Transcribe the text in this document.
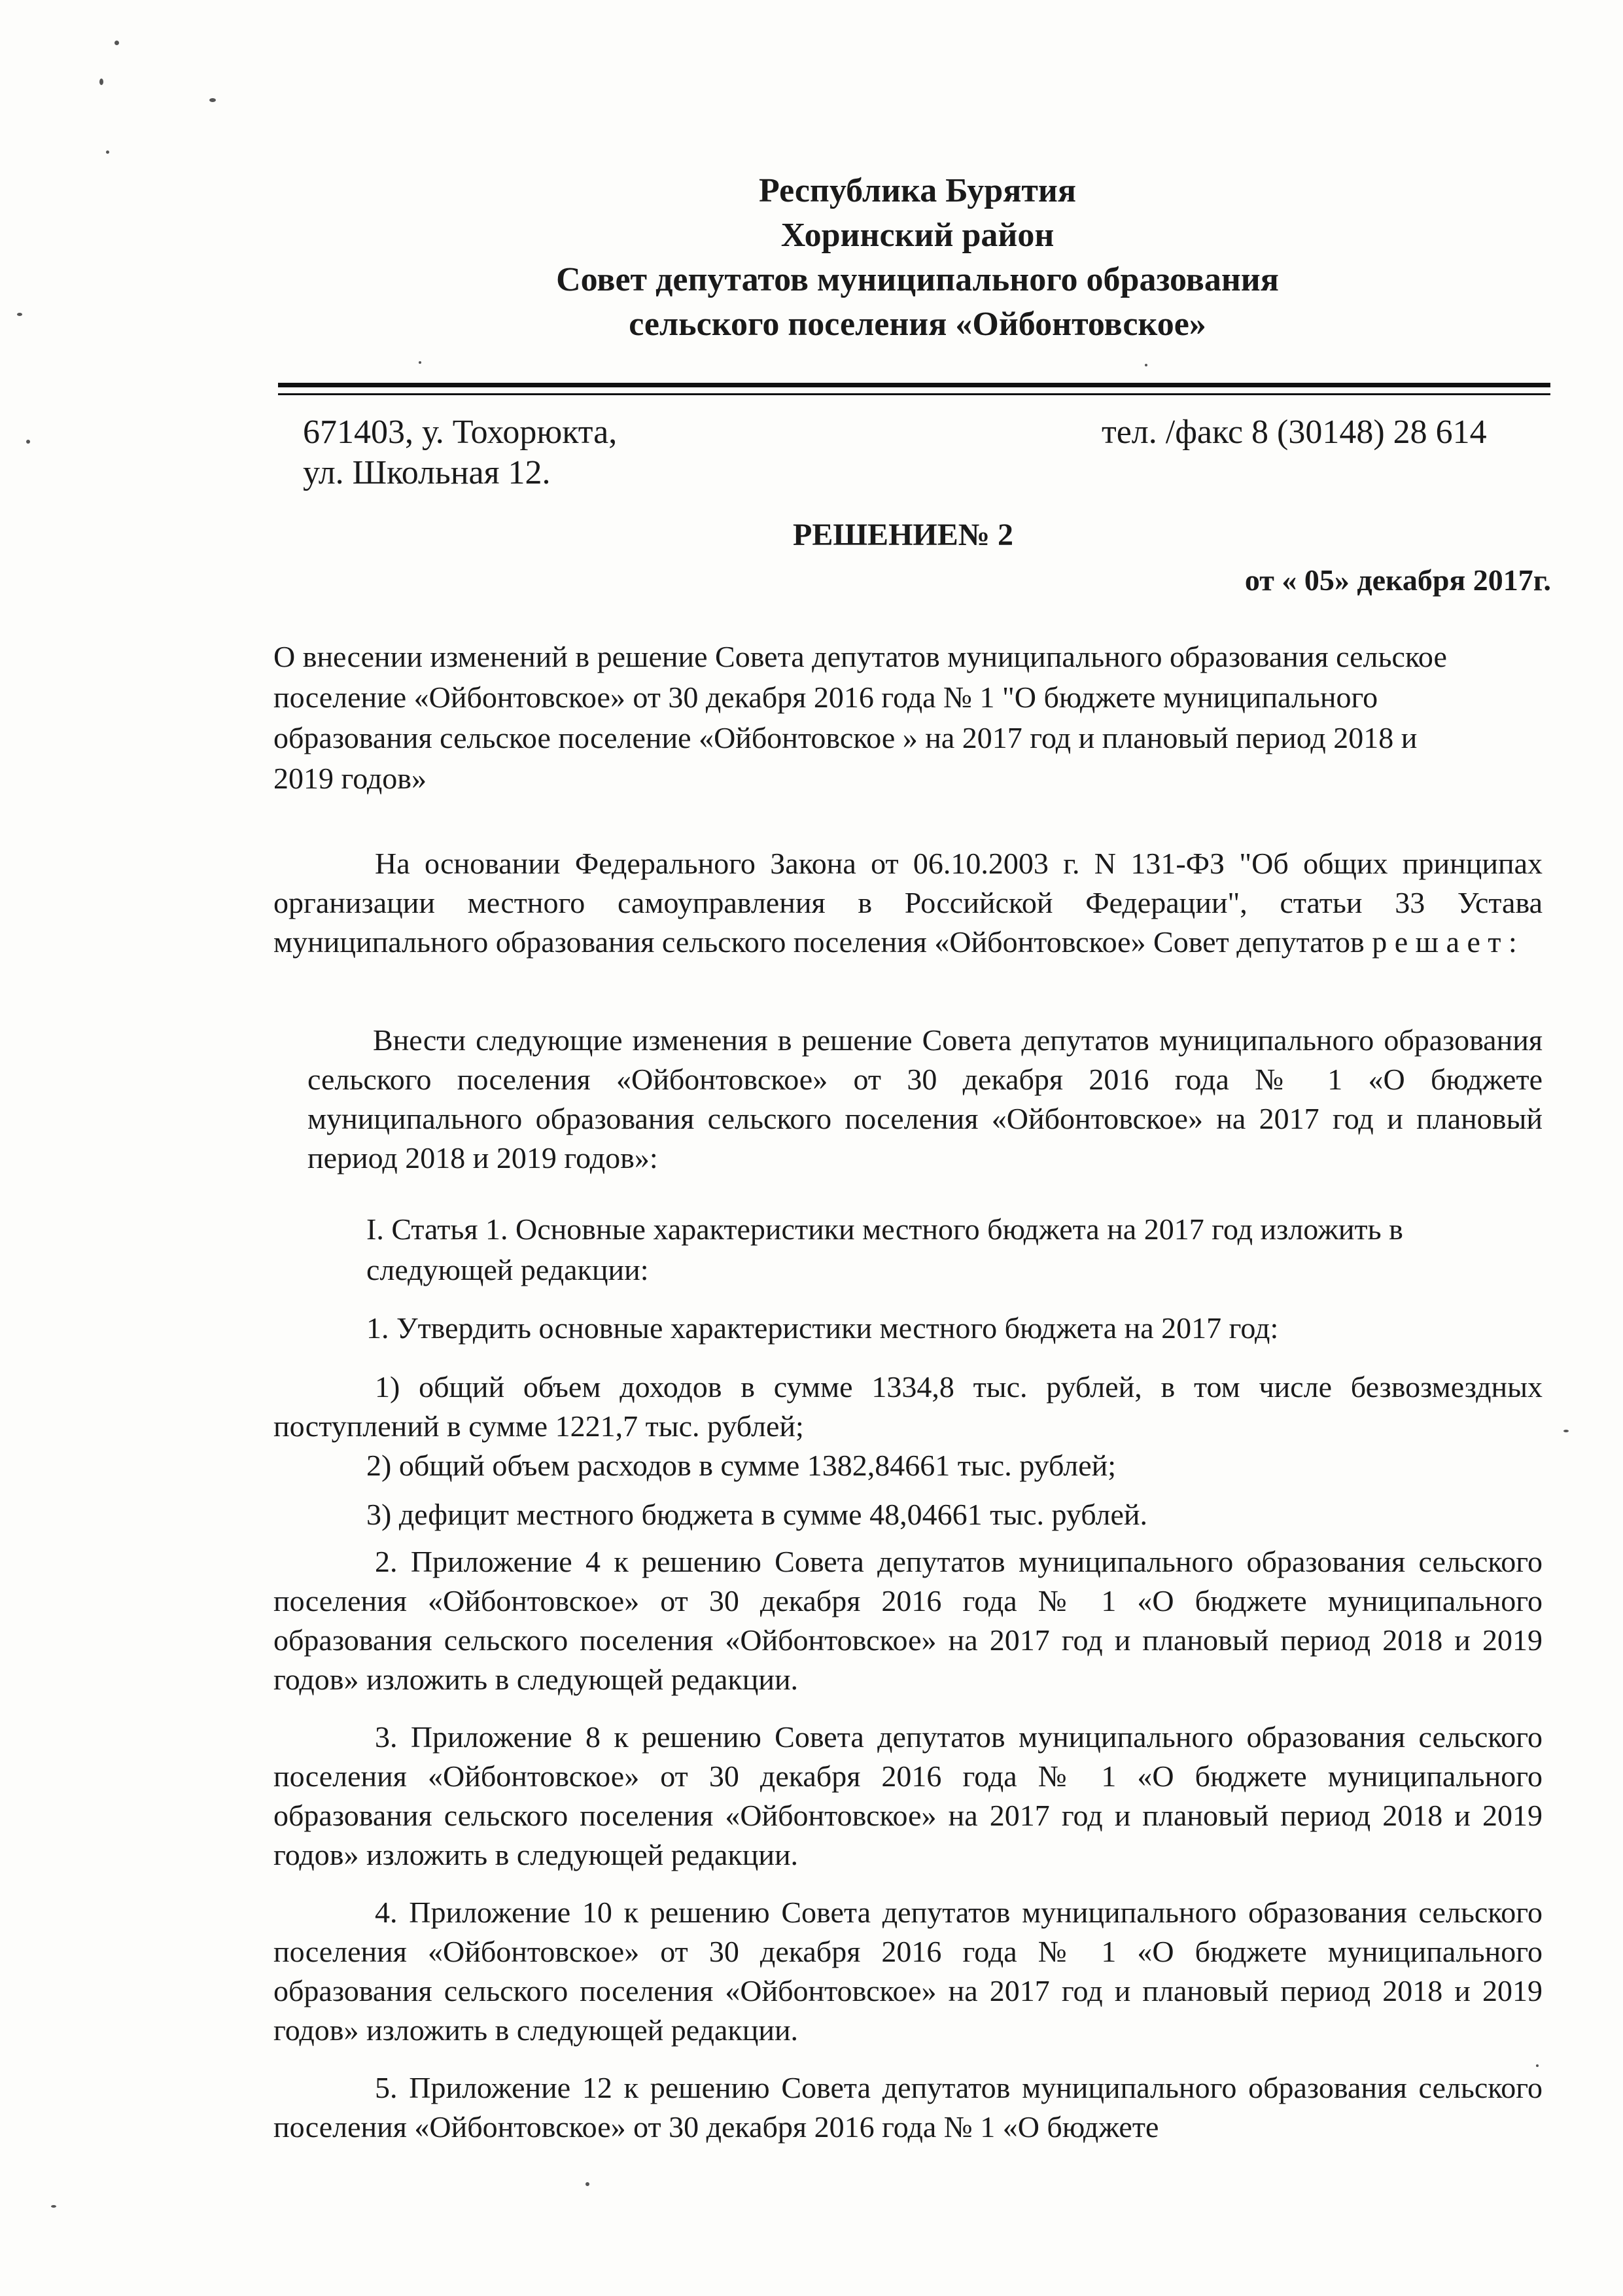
Республика Бурятия

Хоринский район

Совет депутатов муниципального образования

сельского поселения «Ойбонтовское»

671403, у. Тохорюкта,

ул. Школьная 12.

тел. /факс 8 (30148) 28 614

РЕШЕНИЕ№ 2

от « 05» декабря 2017г.

О внесении изменений в решение Совета депутатов муниципального образования сельское поселение «Ойбонтовское» от 30 декабря 2016 года № 1 "О бюджете муниципального образования сельское поселение «Ойбонтовское » на 2017 год и плановый период 2018 и 2019 годов»

На основании Федерального Закона от 06.10.2003 г. N 131-ФЗ "Об общих принципах организации местного самоуправления в Российской Федерации", статьи 33 Устава муниципального образования сельского поселения «Ойбонтовское» Совет депутатов р е ш а е т :

Внести следующие изменения в решение Совета депутатов муниципального образования сельского поселения «Ойбонтовское» от 30 декабря 2016 года № 1 «О бюджете муниципального образования сельского поселения «Ойбонтовское» на 2017 год и плановый период 2018 и 2019 годов»:

I. Статья 1. Основные характеристики местного бюджета на 2017 год изложить в следующей редакции:

1. Утвердить основные характеристики местного бюджета на 2017 год:

1) общий объем доходов в сумме 1334,8 тыс. рублей, в том числе безвозмездных поступлений в сумме 1221,7 тыс. рублей;

2) общий объем расходов в сумме 1382,84661 тыс. рублей;

3) дефицит местного бюджета в сумме 48,04661 тыс. рублей.

2. Приложение 4 к решению Совета депутатов муниципального образования сельского поселения «Ойбонтовское» от 30 декабря 2016 года № 1 «О бюджете муниципального образования сельского поселения «Ойбонтовское» на 2017 год и плановый период 2018 и 2019 годов» изложить в следующей редакции.

3. Приложение 8 к решению Совета депутатов муниципального образования сельского поселения «Ойбонтовское» от 30 декабря 2016 года № 1 «О бюджете муниципального образования сельского поселения «Ойбонтовское» на 2017 год и плановый период 2018 и 2019 годов» изложить в следующей редакции.

4. Приложение 10 к решению Совета депутатов муниципального образования сельского поселения «Ойбонтовское» от 30 декабря 2016 года № 1 «О бюджете муниципального образования сельского поселения «Ойбонтовское» на 2017 год и плановый период 2018 и 2019 годов» изложить в следующей редакции.

5. Приложение 12 к решению Совета депутатов муниципального образования сельского поселения «Ойбонтовское» от 30 декабря 2016 года № 1 «О бюджете
